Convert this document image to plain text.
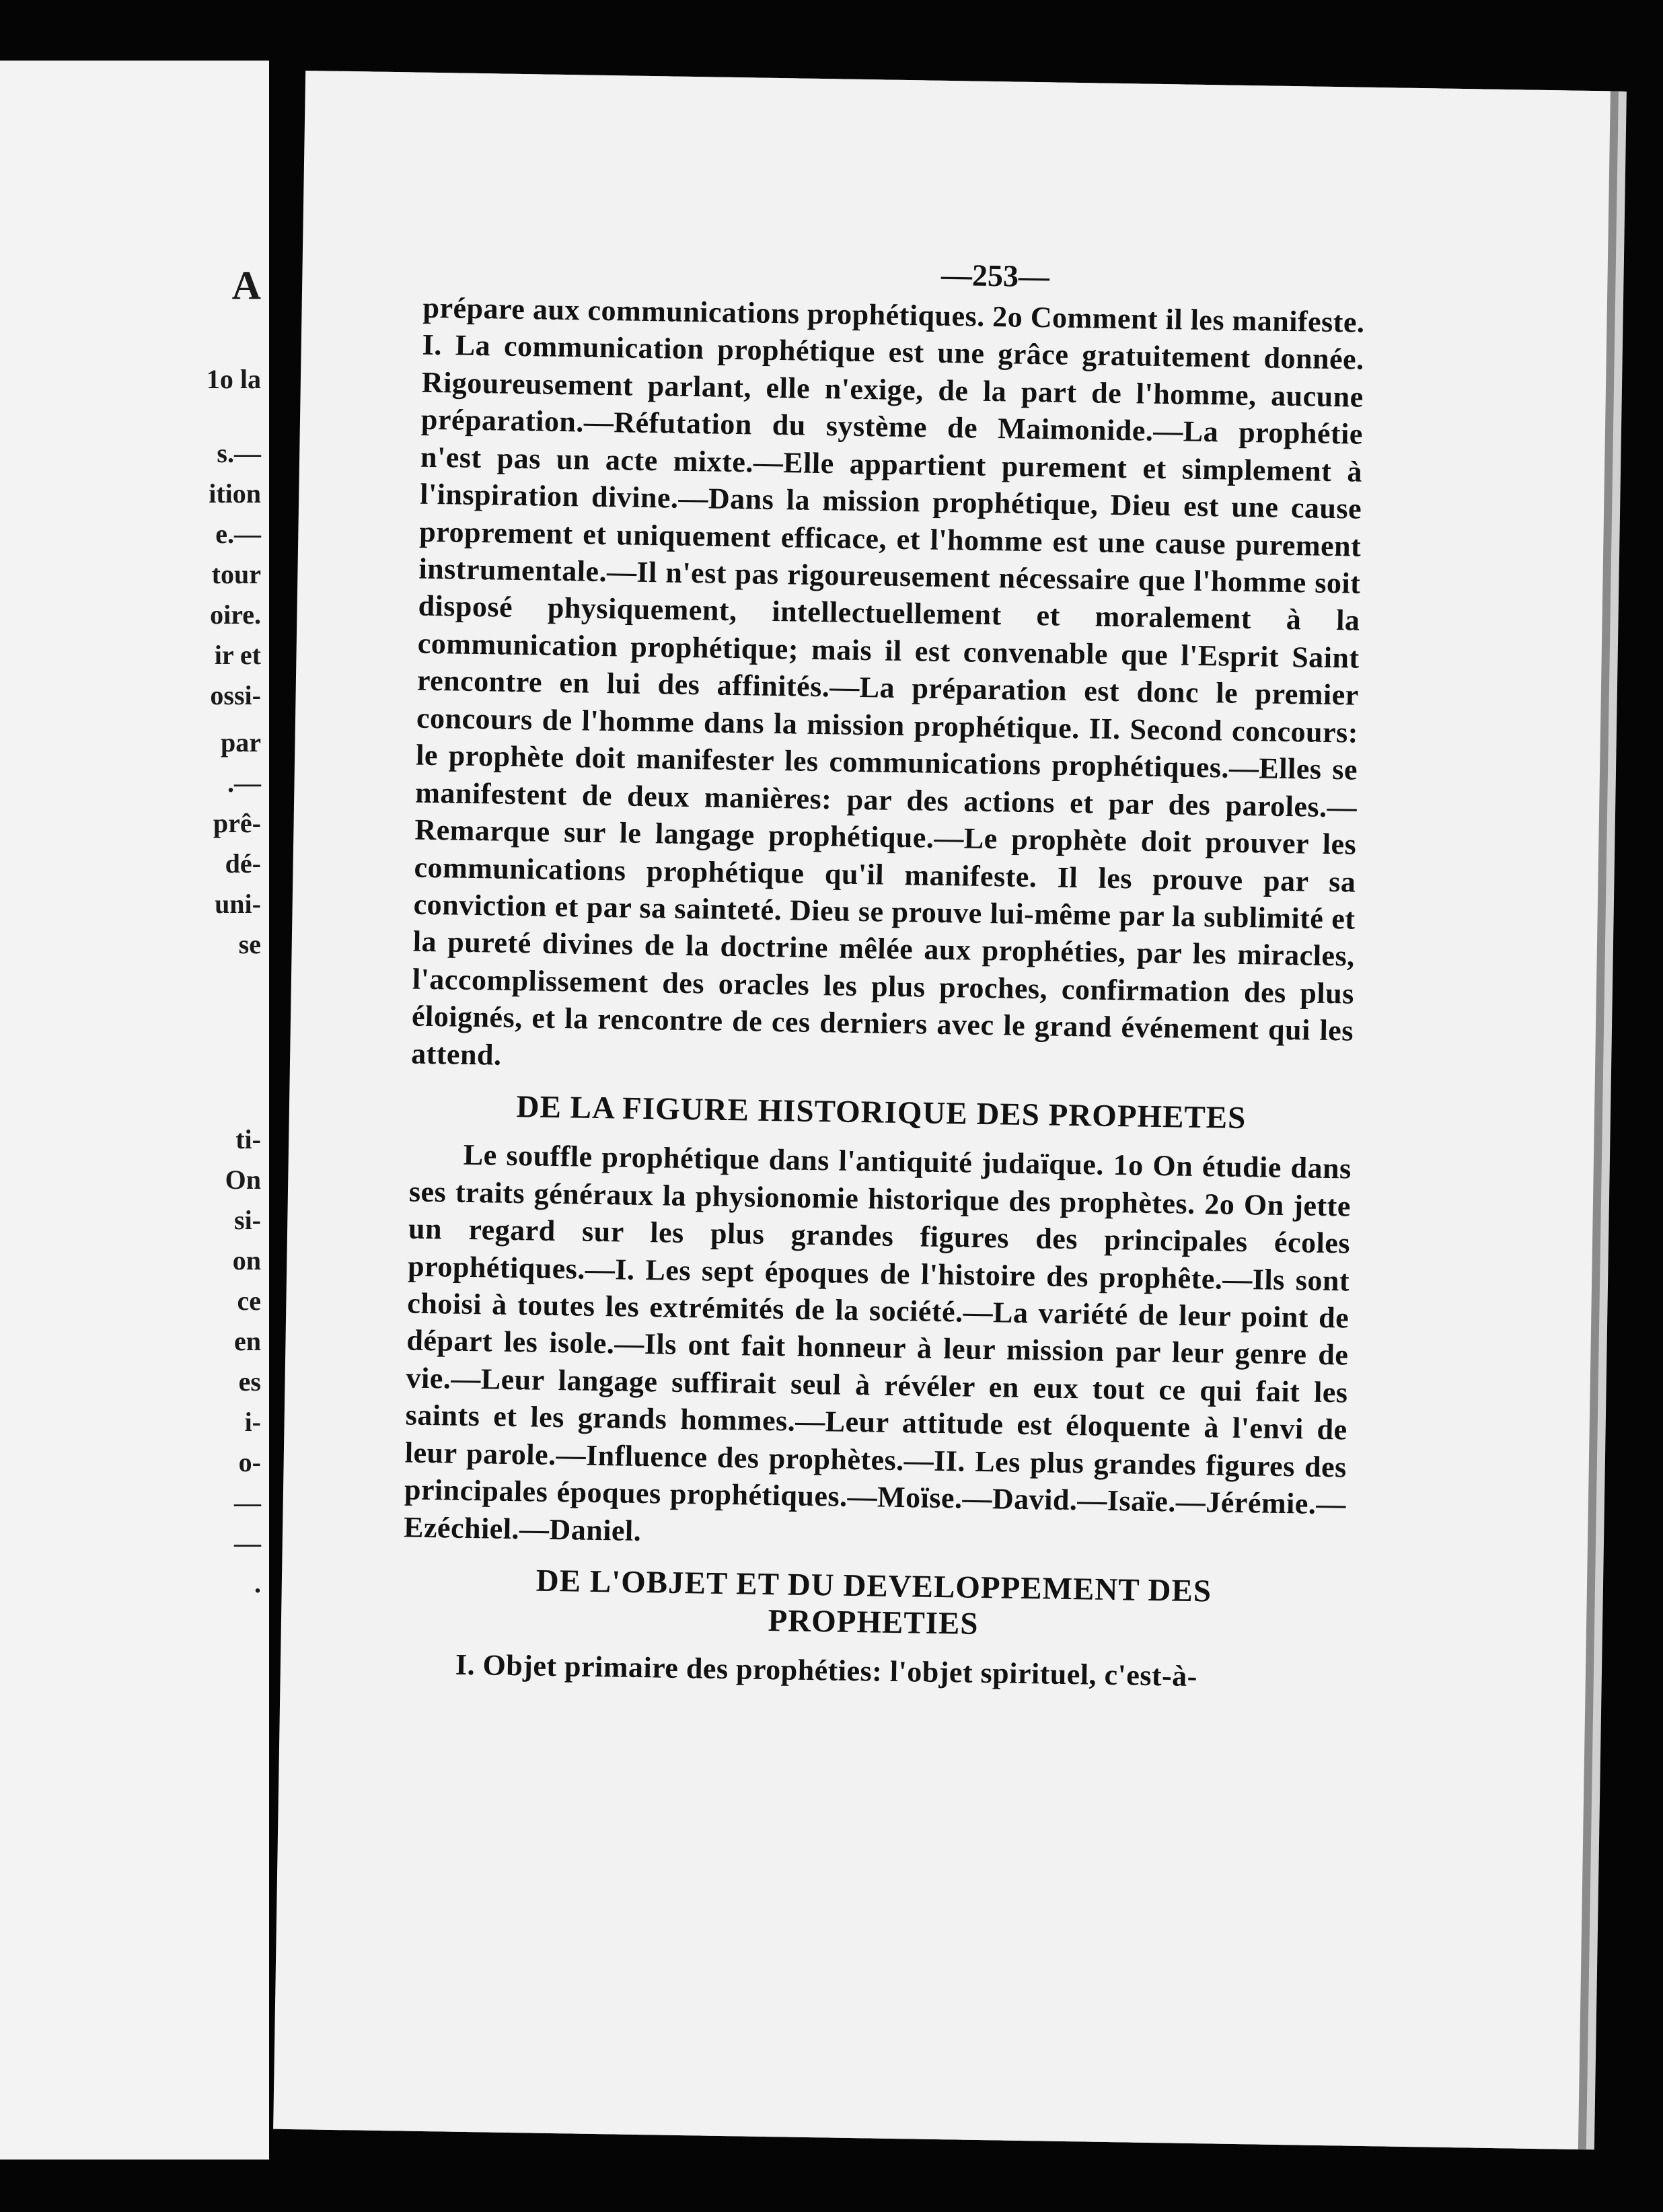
A
1o la
s.—
ition
e.—
tour
oire.
ir et
ossi-
par
.—
prê-
dé-
uni-
se
ti-
On
si-
on
ce
en
es
i-
o-
—
—
.
—253—

prépare aux communications prophétiques. 2o Comment il les manifeste. I. La communication prophétique est une grâce gratuitement donnée. Rigoureusement parlant, elle n'exige, de la part de l'homme, aucune préparation.—Réfutation du système de Maimonide.—La prophétie n'est pas un acte mixte.—Elle appartient purement et simplement à l'inspiration divine.—Dans la mission prophétique, Dieu est une cause proprement et uniquement efficace, et l'homme est une cause purement instrumentale.—Il n'est pas rigoureusement nécessaire que l'homme soit disposé physiquement, intellectuellement et moralement à la communication prophétique; mais il est convenable que l'Esprit Saint rencontre en lui des affinités.—La préparation est donc le premier concours de l'homme dans la mission prophétique. II. Second concours: le prophète doit manifester les communications prophétiques.—Elles se manifestent de deux manières: par des actions et par des paroles.—Remarque sur le langage prophétique.—Le prophète doit prouver les communications prophétique qu'il manifeste. Il les prouve par sa conviction et par sa sainteté. Dieu se prouve lui-même par la sublimité et la pureté divines de la doctrine mêlée aux prophéties, par les miracles, l'accomplissement des oracles les plus proches, confirmation des plus éloignés, et la rencontre de ces derniers avec le grand événement qui les attend.

DE LA FIGURE HISTORIQUE DES PROPHETES

Le souffle prophétique dans l'antiquité judaïque. 1o On étudie dans ses traits généraux la physionomie historique des prophètes. 2o On jette un regard sur les plus grandes figures des principales écoles prophétiques.—I. Les sept époques de l'histoire des prophête.—Ils sont choisi à toutes les extrémités de la société.—La variété de leur point de départ les isole.—Ils ont fait honneur à leur mission par leur genre de vie.—Leur langage suffirait seul à révéler en eux tout ce qui fait les saints et les grands hommes.—Leur attitude est éloquente à l'envi de leur parole.—Influence des prophètes.—II. Les plus grandes figures des principales époques prophétiques.—Moïse.—David.—Isaïe.—Jérémie.—Ezéchiel.—Daniel.

DE L'OBJET ET DU DEVELOPPEMENT DES
PROPHETIES

I. Objet primaire des prophéties: l'objet spirituel, c'est-à-
